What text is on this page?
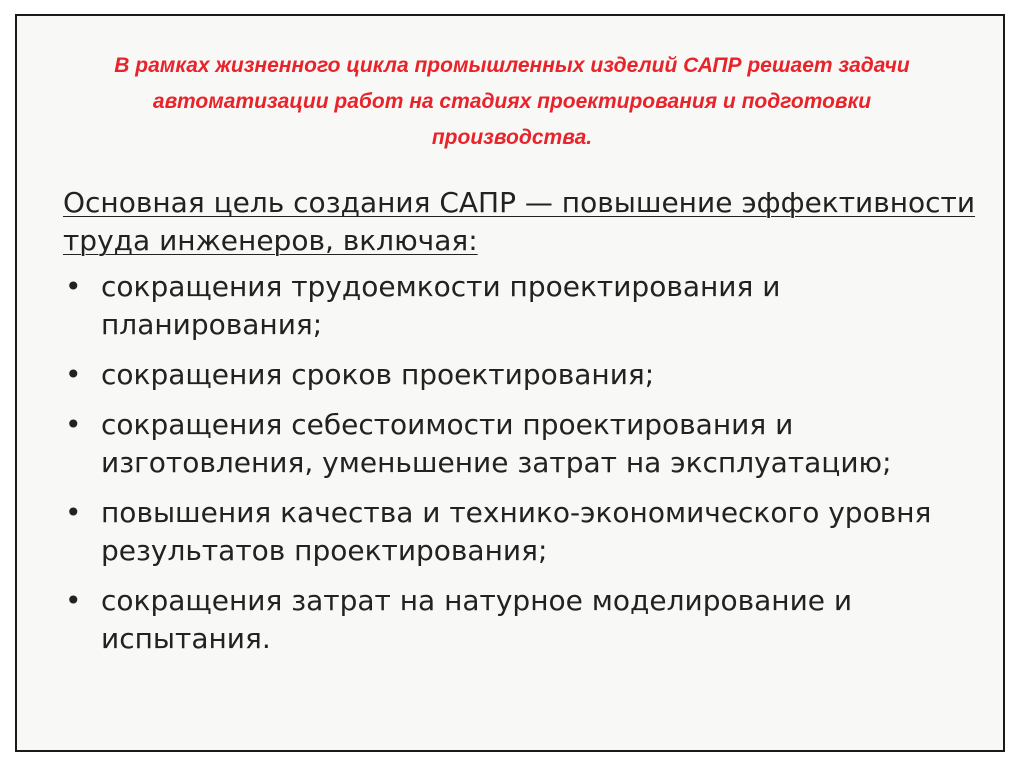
В рамках жизненного цикла промышленных изделий САПР решает задачи автоматизации работ на стадиях проектирования и подготовки производства.

Основная цель создания САПР — повышение эффективности труда инженеров, включая:

• сокращения трудоемкости проектирования и планирования;
• сокращения сроков проектирования;
• сокращения себестоимости проектирования и изготовления, уменьшение затрат на эксплуатацию;
• повышения качества и технико-экономического уровня результатов проектирования;
• сокращения затрат на натурное моделирование и испытания.
